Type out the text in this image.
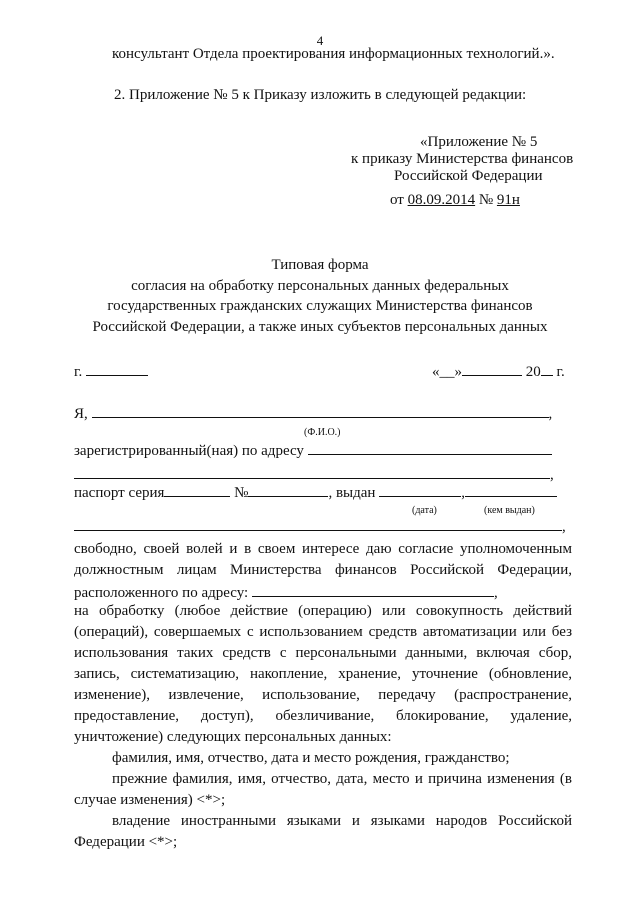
4
консультант Отдела проектирования информационных технологий.».
2. Приложение № 5 к Приказу изложить в следующей редакции:
«Приложение № 5
к приказу Министерства финансов
Российской Федерации
от 08.09.2014 № 91н
Типовая форма
согласия на обработку персональных данных федеральных
государственных гражданских служащих Министерства финансов
Российской Федерации, а также иных субъектов персональных данных
г.	«__»	20 г.
Я,	,
(Ф.И.О.)
зарегистрированный(ная) по адресу
,
паспорт серия	№	, выдан	,
(дата)	(кем выдан)
,
свободно, своей волей и в своем интересе даю согласие уполномоченным
должностным лицам Министерства финансов Российской Федерации,
расположенного по адресу:	,
на обработку (любое действие (операцию) или совокупность действий
(операций), совершаемых с использованием средств автоматизации или без
использования таких средств с персональными данными, включая сбор,
запись, систематизацию, накопление, хранение, уточнение (обновление,
изменение), извлечение, использование, передачу (распространение,
предоставление, доступ), обезличивание, блокирование, удаление,
уничтожение) следующих персональных данных:
фамилия, имя, отчество, дата и место рождения, гражданство;
прежние фамилия, имя, отчество, дата, место и причина изменения (в
случае изменения) <*>;
владение иностранными языками и языками народов Российской
Федерации <*>;
